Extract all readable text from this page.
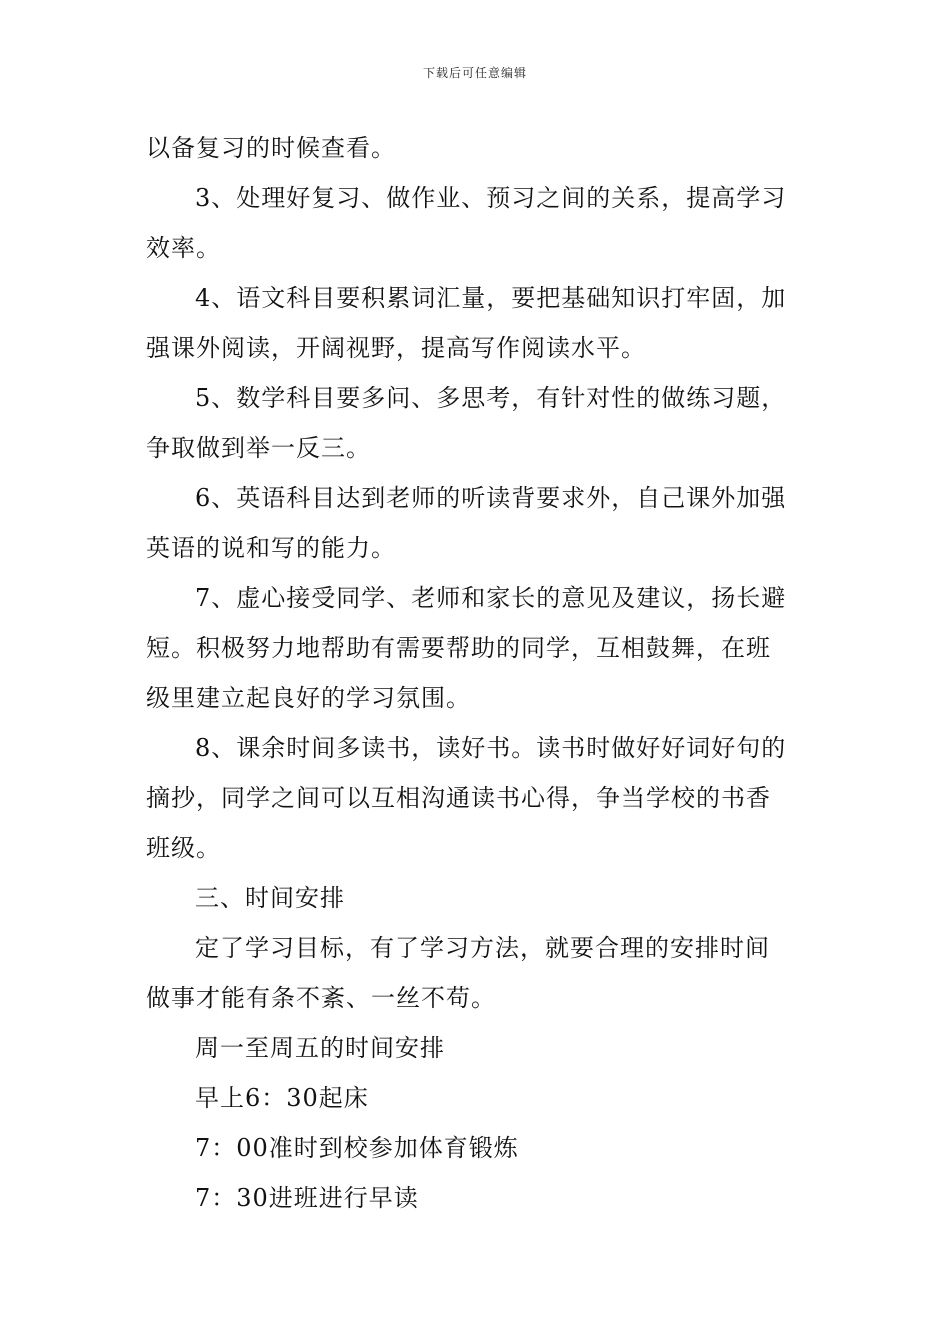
下载后可任意编辑
以备复习的时候查看。
3、处理好复习、做作业、预习之间的关系，提高学习
效率。
4、语文科目要积累词汇量，要把基础知识打牢固，加
强课外阅读，开阔视野，提高写作阅读水平。
5、数学科目要多问、多思考，有针对性的做练习题，
争取做到举一反三。
6、英语科目达到老师的听读背要求外，自己课外加强
英语的说和写的能力。
7、虚心接受同学、老师和家长的意见及建议，扬长避
短。积极努力地帮助有需要帮助的同学，互相鼓舞，在班
级里建立起良好的学习氛围。
8、课余时间多读书，读好书。读书时做好好词好句的
摘抄，同学之间可以互相沟通读书心得，争当学校的书香
班级。
三、时间安排
定了学习目标，有了学习方法，就要合理的安排时间
做事才能有条不紊、一丝不苟。
周一至周五的时间安排
早上6：30起床
7：00准时到校参加体育锻炼
7：30进班进行早读
